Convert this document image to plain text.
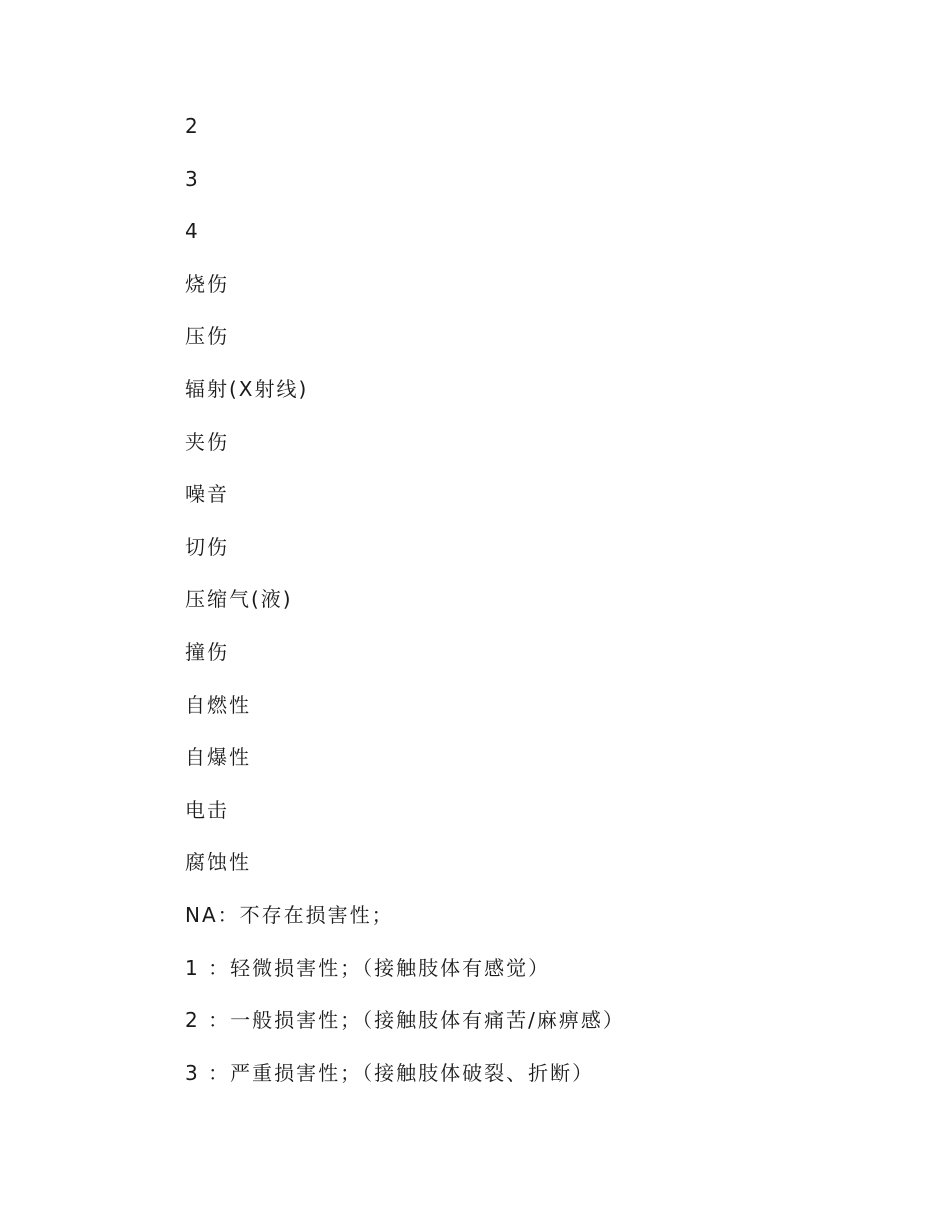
2
3
4
烧伤
压伤
辐射(X射线)
夹伤
噪音
切伤
压缩气(液)
撞伤
自燃性
自爆性
电击
腐蚀性
NA：不存在损害性；
1 ：轻微损害性；（接触肢体有感觉）
2 ：一般损害性；（接触肢体有痛苦/麻痹感）
3 ：严重损害性；（接触肢体破裂、折断）
